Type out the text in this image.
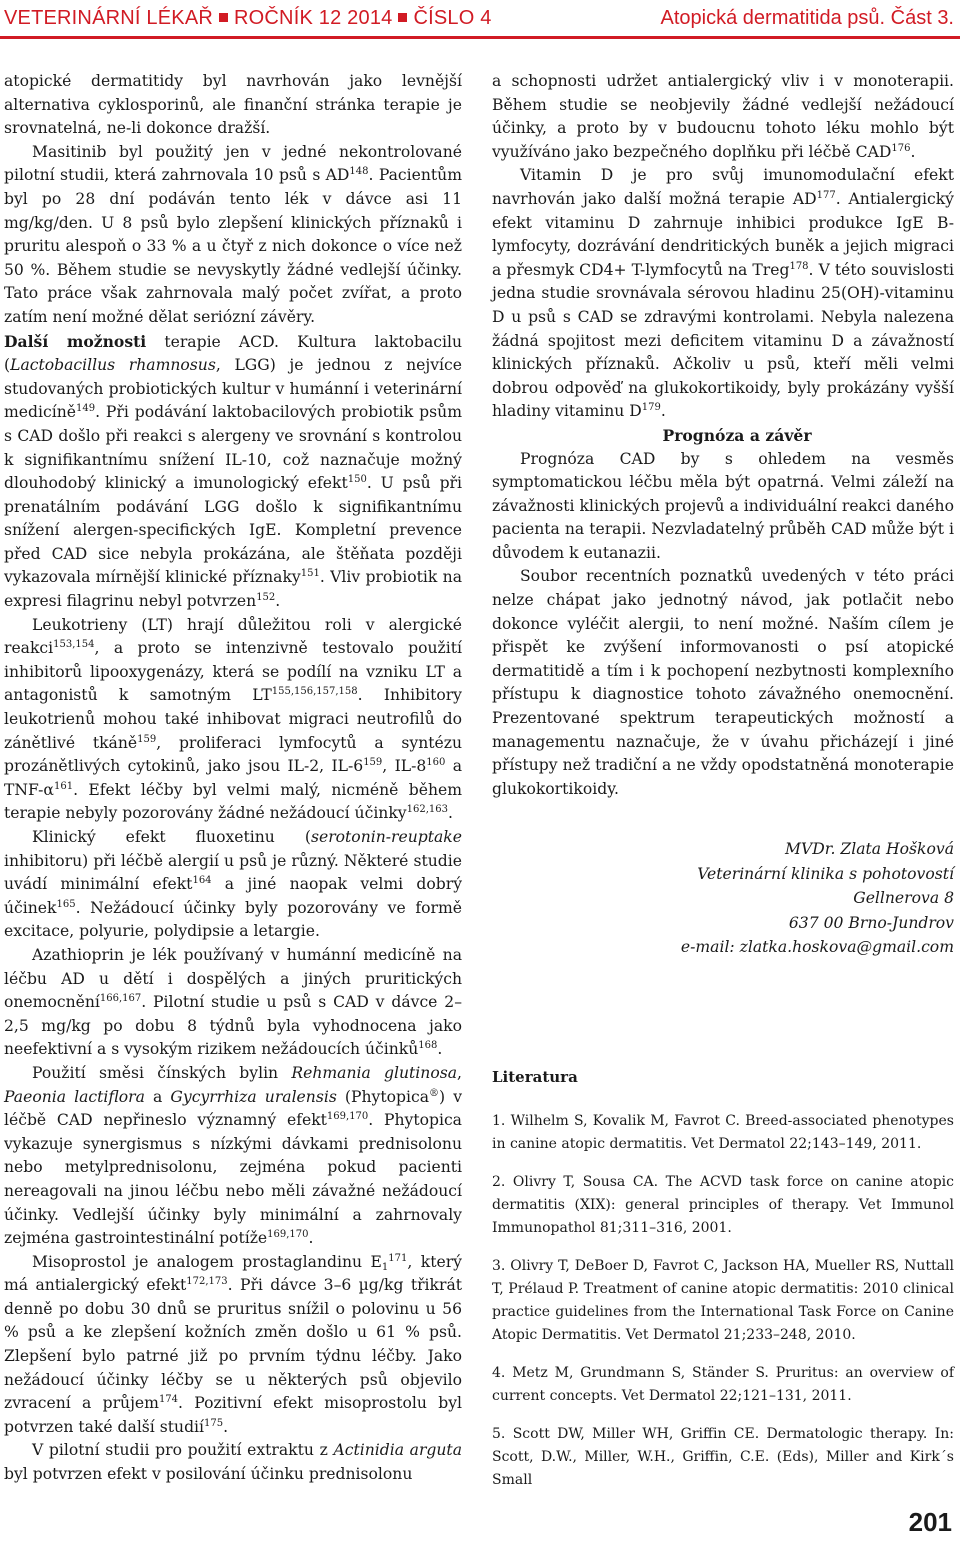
VETERINÁRNÍ LÉKAŘ ROČNÍK 12 2014 ČÍSLO 4	Atopická dermatitida psů. Část 3.

atopické dermatitidy byl navrhován jako levnější alternativa cyklosporinů, ale finanční stránka terapie je srovnatelná, ne-li dokonce dražší.

Masitinib byl použitý jen v jedné nekontrolované pilotní studii, která zahrnovala 10 psů s AD$^{148}$. Pacientům byl po 28 dní podáván tento lék v dávce asi 11 mg/kg/den. U 8 psů bylo zlepšení klinických příznaků i pruritu alespoň o 33 % a u čtyř z nich dokonce o více než 50 %. Během studie se nevyskytly žádné vedlejší účinky. Tato práce však zahrnovala malý počet zvířat, a proto zatím není možné dělat seriózní závěry.

Další možnosti terapie ACD. Kultura laktobacilu (Lactobacillus rhamnosus, LGG) je jednou z nejvíce studovaných probiotických kultur v humánní i veterinární medicíně$^{149}$. Při podávání laktobacilových probiotik psům s CAD došlo při reakci s alergeny ve srovnání s kontrolou k signifikantnímu snížení IL-10, což naznačuje možný dlouhodobý klinický a imunologický efekt$^{150}$. U psů při prenatálním podávání LGG došlo k signifikantnímu snížení alergen-specifických IgE. Kompletní prevence před CAD sice nebyla prokázána, ale štěňata později vykazovala mírnější klinické příznaky$^{151}$. Vliv probiotik na expresi filagrinu nebyl potvrzen$^{152}$.

Leukotrieny (LT) hrají důležitou roli v alergické reakci$^{153,154}$, a proto se intenzivně testovalo použití inhibitorů lipooxygenázy, která se podílí na vzniku LT a antagonistů k samotným LT$^{155,156,157,158}$. Inhibitory leukotrienů mohou také inhibovat migraci neutrofilů do zánětlivé tkáně$^{159}$, proliferaci lymfocytů a syntézu prozánětlivých cytokinů, jako jsou IL-2, $IL-6^{159}$, $IL-8^{160}$ a TNF-$\alpha^{161}$. Efekt léčby byl velmi malý, nicméně během terapie nebyly pozorovány žádné nežádoucí účinky$^{162,163}$.

Klinický efekt fluoxetinu (serotonin-reuptake inhibitoru) při léčbě alergií u psů je různý. Některé studie uvádí minimální efekt$^{164}$ a jiné naopak velmi dobrý účinek$^{165}$. Nežádoucí účinky byly pozorovány ve formě excitace, polyurie, polydipsie a letargie.

Azathioprin je lék používaný v humánní medicíně na léčbu AD u dětí i dospělých a jiných pruritických onemocnění$^{166,167}$. Pilotní studie u psů s CAD v dávce 2–2,5 mg/kg po dobu 8 týdnů byla vyhodnocena jako neefektivní a s vysokým rizikem nežádoucích účinků$^{168}$.

Použití směsi čínských bylin Rehmania glutinosa, Paeonia lactiflora a Gycyrrhiza uralensis (Phytopica®) v léčbě CAD nepřineslo významný efekt$^{169,170}$. Phytopica vykazuje synergismus s nízkými dávkami prednisolonu nebo metylprednisolonu, zejména pokud pacienti nereagovali na jinou léčbu nebo měli závažné nežádoucí účinky. Vedlejší účinky byly minimální a zahrnovaly zejména gastrointestinální potíže$^{169,170}$.

Misoprostol je analogem prostaglandinu $E_1^{171}$, který má antialergický efekt$^{172,173}$. Při dávce 3–6 µg/kg třikrát denně po dobu 30 dnů se pruritus snížil o polovinu u 56 % psů a ke zlepšení kožních změn došlo u 61 % psů. Zlepšení bylo patrné již po prvním týdnu léčby. Jako nežádoucí účinky léčby se u některých psů objevilo zvracení a průjem$^{174}$. Pozitivní efekt misoprostolu byl potvrzen také další studií$^{175}$.

V pilotní studii pro použití extraktu z Actinidia arguta byl potvrzen efekt v posilování účinku prednisolonu

a schopnosti udržet antialergický vliv i v monoterapii. Během studie se neobjevily žádné vedlejší nežádoucí účinky, a proto by v budoucnu tohoto léku mohlo být využíváno jako bezpečného doplňku při léčbě CAD$^{176}$.

Vitamin D je pro svůj imunomodulační efekt navrhován jako další možná terapie AD$^{177}$. Antialergický efekt vitaminu D zahrnuje inhibici produkce IgE B-lymfocyty, dozrávání dendritických buněk a jejich migraci a přesmyk CD4+ T-lymfocytů na Treg$^{178}$. V této souvislosti jedna studie srovnávala sérovou hladinu 25(OH)-vitaminu D u psů s CAD se zdravými kontrolami. Nebyla nalezena žádná spojitost mezi deficitem vitaminu D a závažností klinických příznaků. Ačkoliv u psů, kteří měli velmi dobrou odpověď na glukokortikoidy, byly prokázány vyšší hladiny vitaminu $D^{179}$.

Prognóza a závěr

Prognóza CAD by s ohledem na vesměs symptomatickou léčbu měla být opatrná. Velmi záleží na závažnosti klinických projevů a individuální reakci daného pacienta na terapii. Nezvladatelný průběh CAD může být i důvodem k eutanazii.

Soubor recentních poznatků uvedených v této práci nelze chápat jako jednotný návod, jak potlačit nebo dokonce vyléčit alergii, to není možné. Naším cílem je přispět ke zvýšení informovanosti o psí atopické dermatitidě a tím i k pochopení nezbytnosti komplexního přístupu k diagnostice tohoto závažného onemocnění. Prezentované spektrum terapeutických možností a managementu naznačuje, že v úvahu přicházejí i jiné přístupy než tradiční a ne vždy opodstatněná monoterapie glukokortikoidy.

MVDr. Zlata Hošková
Veterinární klinika s pohotovostí
Gellnerova 8
637 00 Brno-Jundrov
e-mail: zlatka.hoskova@gmail.com
Literatura
1. Wilhelm S, Kovalik M, Favrot C. Breed-associated phenotypes in canine atopic dermatitis. Vet Dermatol 22;143–149, 2011.
2. Olivry T, Sousa CA. The ACVD task force on canine atopic dermatitis (XIX): general principles of therapy. Vet Immunol Immunopathol 81;311–316, 2001.
3. Olivry T, DeBoer D, Favrot C, Jackson HA, Mueller RS, Nuttall T, Prélaud P. Treatment of canine atopic dermatitis: 2010 clinical practice guidelines from the International Task Force on Canine Atopic Dermatitis. Vet Dermatol 21;233–248, 2010.
4. Metz M, Grundmann S, Ständer S. Pruritus: an overview of current concepts. Vet Dermatol 22;121–131, 2011.
5. Scott DW, Miller WH, Griffin CE. Dermatologic therapy. In: Scott, D.W., Miller, W.H., Griffin, C.E. (Eds), Miller and Kirk´s Small
201
